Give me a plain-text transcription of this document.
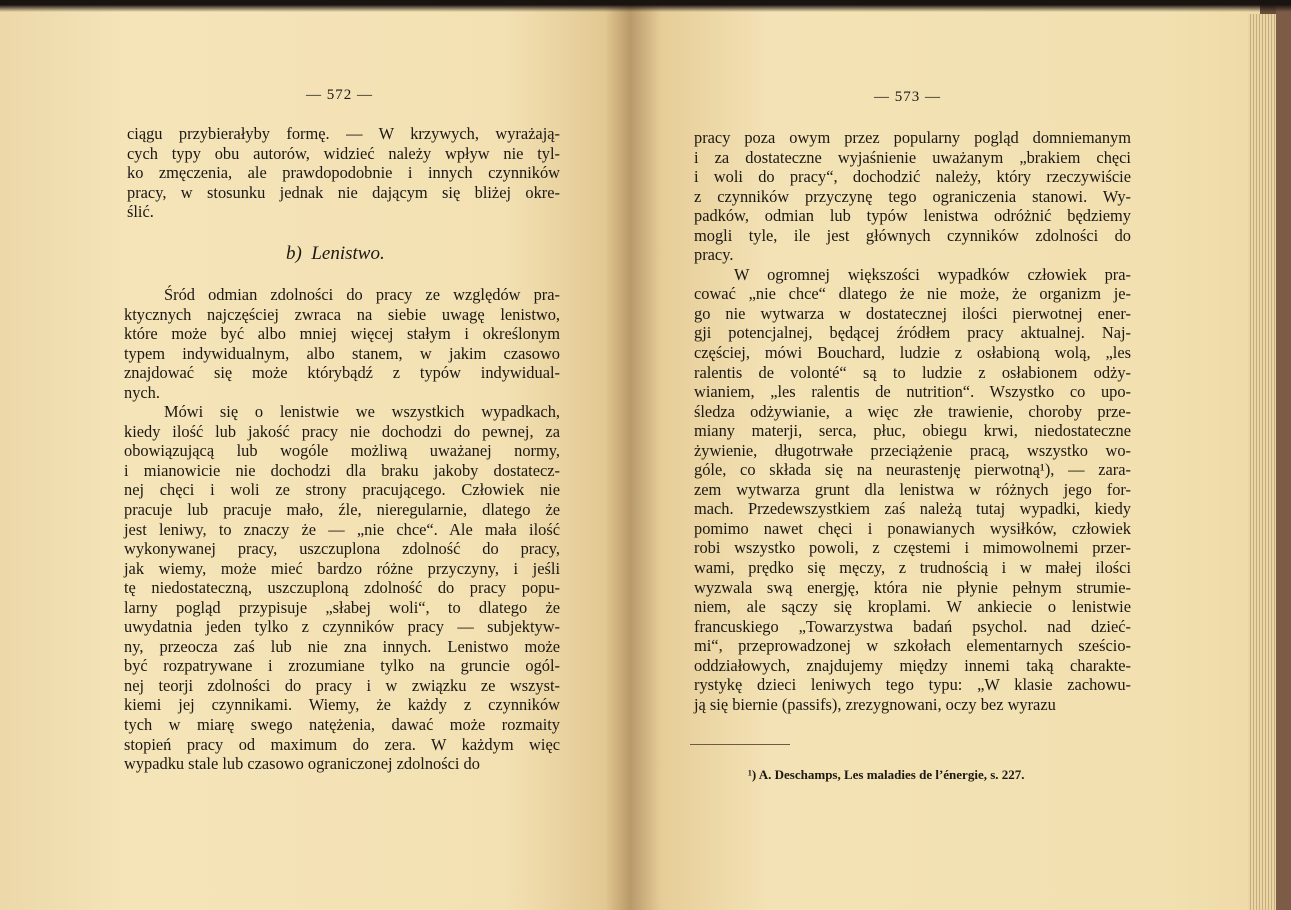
— 572 —

ciągu przybierałyby formę. — W krzywych, wyrażają-
cych typy obu autorów, widzieć należy wpływ nie tyl-
ko zmęczenia, ale prawdopodobnie i innych czynników
pracy, w stosunku jednak nie dającym się bliżej okre-
ślić.

b) Lenistwo.

Śród odmian zdolności do pracy ze względów pra-
ktycznych najczęściej zwraca na siebie uwagę lenistwo,
które może być albo mniej więcej stałym i określonym
typem indywidualnym, albo stanem, w jakim czasowo
znajdować się może którybądź z typów indywidual-
nych.

Mówi się o lenistwie we wszystkich wypadkach,
kiedy ilość lub jakość pracy nie dochodzi do pewnej, za
obowiązującą lub wogóle możliwą uważanej normy,
i mianowicie nie dochodzi dla braku jakoby dostatecz-
nej chęci i woli ze strony pracującego. Człowiek nie
pracuje lub pracuje mało, źle, nieregularnie, dlatego że
jest leniwy, to znaczy że — „nie chce“. Ale mała ilość
wykonywanej pracy, uszczuplona zdolność do pracy,
jak wiemy, może mieć bardzo różne przyczyny, i jeśli
tę niedostateczną, uszczuploną zdolność do pracy popu-
larny pogląd przypisuje „słabej woli“, to dlatego że
uwydatnia jeden tylko z czynników pracy — subjektyw-
ny, przeocza zaś lub nie zna innych. Lenistwo może
być rozpatrywane i zrozumiane tylko na gruncie ogól-
nej teorji zdolności do pracy i w związku ze wszyst-
kiemi jej czynnikami. Wiemy, że każdy z czynników
tych w miarę swego natężenia, dawać może rozmaity
stopień pracy od maximum do zera. W każdym więc
wypadku stale lub czasowo ograniczonej zdolności do

— 573 —

pracy poza owym przez popularny pogląd domniemanym
i za dostateczne wyjaśnienie uważanym „brakiem chęci
i woli do pracy“, dochodzić należy, który rzeczywiście
z czynników przyczynę tego ograniczenia stanowi. Wy-
padków, odmian lub typów lenistwa odróżnić będziemy
mogli tyle, ile jest głównych czynników zdolności do
pracy.

W ogromnej większości wypadków człowiek pra-
cować „nie chce“ dlatego że nie może, że organizm je-
go nie wytwarza w dostatecznej ilości pierwotnej ener-
gji potencjalnej, będącej źródłem pracy aktualnej. Naj-
częściej, mówi Bouchard, ludzie z osłabioną wolą, „les
ralentis de volonté“ są to ludzie z osłabionem odży-
wianiem, „les ralentis de nutrition“. Wszystko co upo-
śledza odżywianie, a więc złe trawienie, choroby prze-
miany materji, serca, płuc, obiegu krwi, niedostateczne
żywienie, długotrwałe przeciążenie pracą, wszystko wo-
góle, co składa się na neurastenję pierwotną¹), — zara-
zem wytwarza grunt dla lenistwa w różnych jego for-
mach. Przedewszystkiem zaś należą tutaj wypadki, kiedy
pomimo nawet chęci i ponawianych wysiłków, człowiek
robi wszystko powoli, z częstemi i mimowolnemi przer-
wami, prędko się męczy, z trudnością i w małej ilości
wyzwala swą energję, która nie płynie pełnym strumie-
niem, ale sączy się kroplami. W ankiecie o lenistwie
francuskiego „Towarzystwa badań psychol. nad dzieć-
mi“, przeprowadzonej w szkołach elementarnych sześcio-
oddziałowych, znajdujemy między innemi taką charakte-
rystykę dzieci leniwych tego typu: „W klasie zachowu-
ją się biernie (passifs), zrezygnowani, oczy bez wyrazu

¹) A. Deschamps, Les maladies de l’énergie, s. 227.
